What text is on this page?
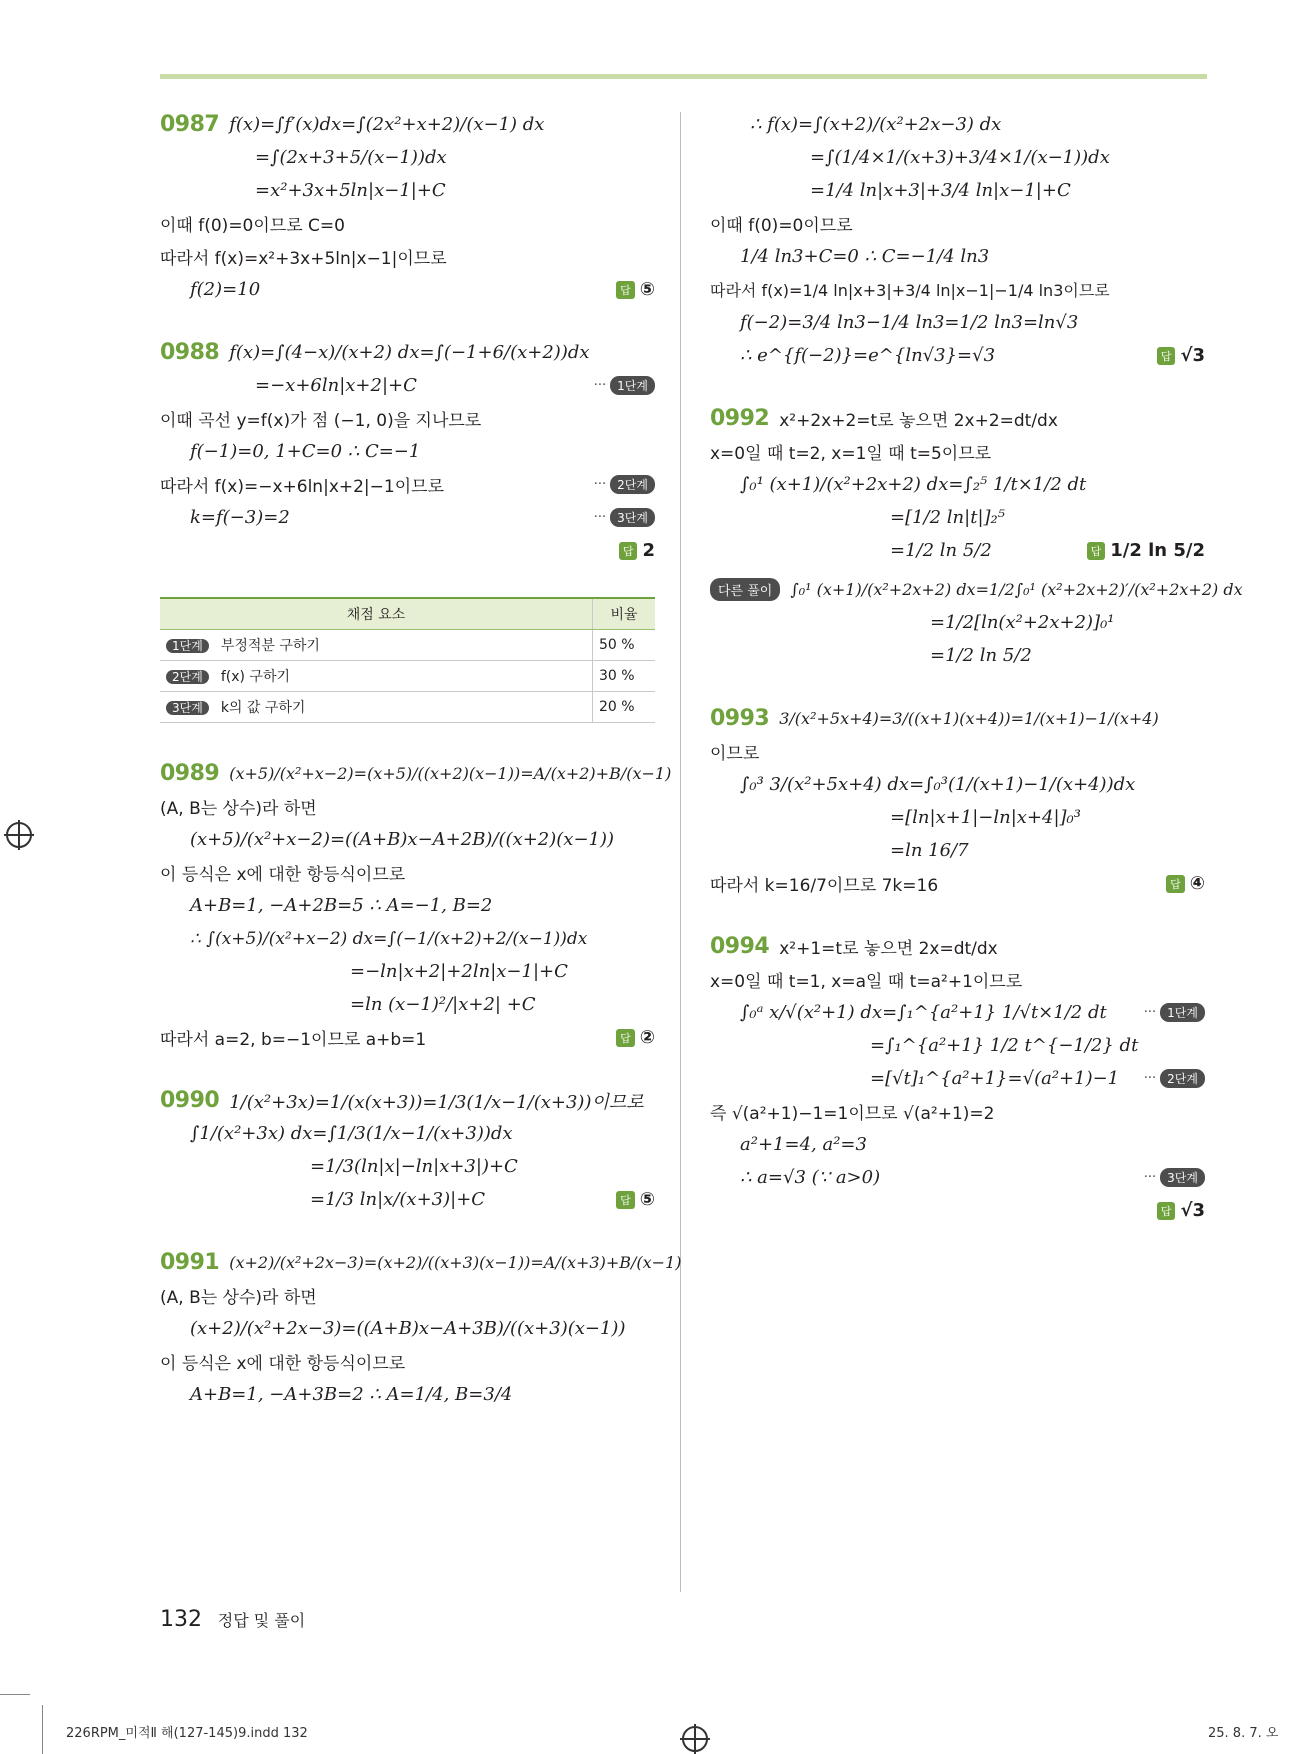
0987 f(x)=∫f′(x)dx=∫(2x²+x+2)/(x−1) dx
=∫(2x+3+5/(x−1))dx
=x²+3x+5ln|x−1|+C
이때 f(0)=0이므로 C=0
따라서 f(x)=x²+3x+5ln|x−1|이므로
f(2)=10	답 ⑤
0988 f(x)=∫(4−x)/(x+2) dx=∫(−1+6/(x+2))dx
=−x+6ln|x+2|+C	··· 1단계
이때 곡선 y=f(x)가 점 (−1, 0)을 지나므로
f(−1)=0, 1+C=0 ∴ C=−1
따라서 f(x)=−x+6ln|x+2|−1이므로	··· 2단계
k=f(−3)=2	··· 3단계
답 2
채점 요소	비율
1단계 부정적분 구하기	50 %
2단계 f(x) 구하기	30 %
3단계 k의 값 구하기	20 %
0989 (x+5)/(x²+x−2)=(x+5)/((x+2)(x−1))=A/(x+2)+B/(x−1)
(A, B는 상수)라 하면
(x+5)/(x²+x−2)=((A+B)x−A+2B)/((x+2)(x−1))
이 등식은 x에 대한 항등식이므로
A+B=1, −A+2B=5 ∴ A=−1, B=2
∴ ∫(x+5)/(x²+x−2) dx=∫(−1/(x+2)+2/(x−1))dx
=−ln|x+2|+2ln|x−1|+C
=ln (x−1)²/|x+2| +C
따라서 a=2, b=−1이므로 a+b=1	답 ②
0990 1/(x²+3x)=1/(x(x+3))=1/3(1/x−1/(x+3))이므로
∫1/(x²+3x) dx=∫1/3(1/x−1/(x+3))dx
=1/3(ln|x|−ln|x+3|)+C
=1/3 ln|x/(x+3)|+C	답 ⑤
0991 (x+2)/(x²+2x−3)=(x+2)/((x+3)(x−1))=A/(x+3)+B/(x−1)
(A, B는 상수)라 하면
(x+2)/(x²+2x−3)=((A+B)x−A+3B)/((x+3)(x−1))
이 등식은 x에 대한 항등식이므로
A+B=1, −A+3B=2 ∴ A=1/4, B=3/4
∴ f(x)=∫(x+2)/(x²+2x−3) dx
=∫(1/4×1/(x+3)+3/4×1/(x−1))dx
=1/4 ln|x+3|+3/4 ln|x−1|+C
이때 f(0)=0이므로
1/4 ln3+C=0 ∴ C=−1/4 ln3
따라서 f(x)=1/4 ln|x+3|+3/4 ln|x−1|−1/4 ln3이므로
f(−2)=3/4 ln3−1/4 ln3=1/2 ln3=ln√3
∴ e^{f(−2)}=e^{ln√3}=√3	답 √3
0992 x²+2x+2=t로 놓으면 2x+2=dt/dx
x=0일 때 t=2, x=1일 때 t=5이므로
∫₀¹ (x+1)/(x²+2x+2) dx=∫₂⁵ 1/t×1/2 dt
=[1/2 ln|t|]₂⁵
=1/2 ln 5/2	답 1/2 ln 5/2
다른 풀이	∫₀¹ (x+1)/(x²+2x+2) dx=1/2∫₀¹ (x²+2x+2)′/(x²+2x+2) dx
=1/2[ln(x²+2x+2)]₀¹
=1/2 ln 5/2
0993 3/(x²+5x+4)=3/((x+1)(x+4))=1/(x+1)−1/(x+4)
이므로
∫₀³ 3/(x²+5x+4) dx=∫₀³(1/(x+1)−1/(x+4))dx
=[ln|x+1|−ln|x+4|]₀³
=ln 16/7
따라서 k=16/7이므로 7k=16	답 ④
0994 x²+1=t로 놓으면 2x=dt/dx
x=0일 때 t=1, x=a일 때 t=a²+1이므로
∫₀ᵃ x/√(x²+1) dx=∫₁^{a²+1} 1/√t×1/2 dt	··· 1단계
=∫₁^{a²+1} 1/2 t^{−1/2} dt
=[√t]₁^{a²+1}=√(a²+1)−1 ··· 2단계
즉 √(a²+1)−1=1이므로 √(a²+1)=2
a²+1=4, a²=3
∴ a=√3 (∵ a>0)	··· 3단계
답 √3
132 정답 및 풀이
226RPM_미적Ⅱ 해(127-145)9.indd 132	25. 8. 7. 오
